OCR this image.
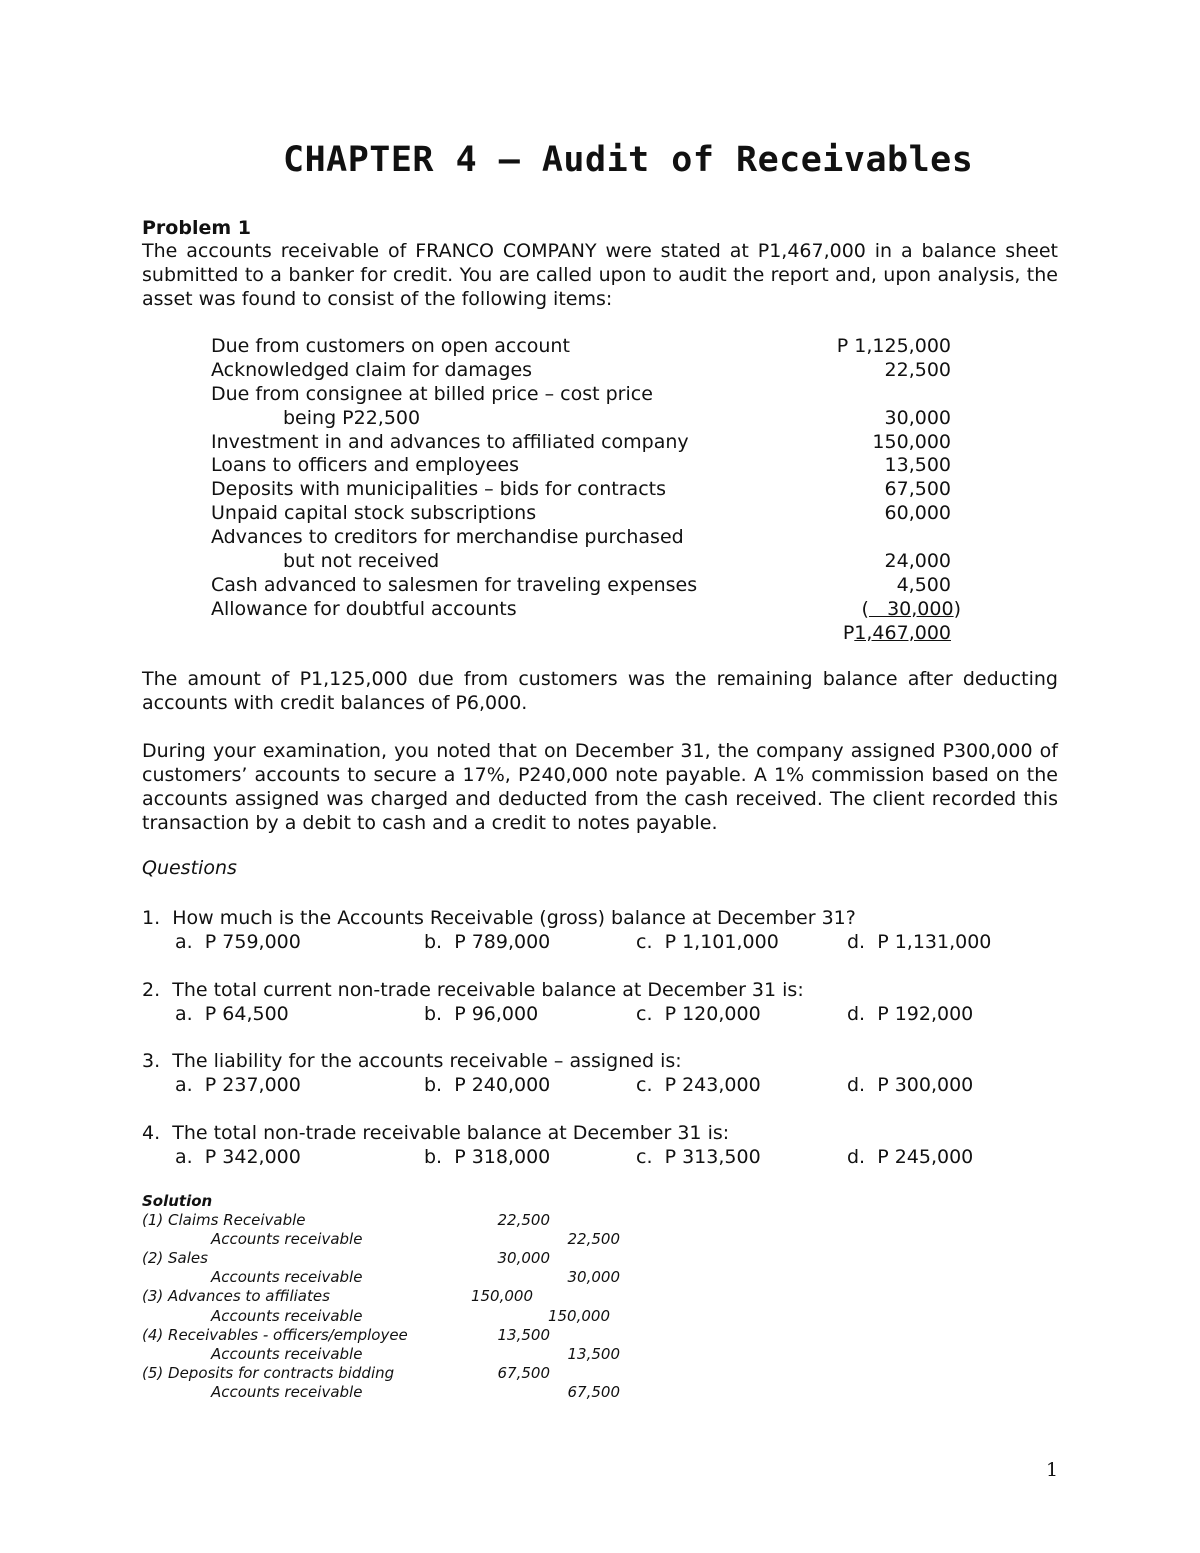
CHAPTER 4 – Audit of Receivables
Problem 1
The accounts receivable of FRANCO COMPANY were stated at P1,467,000 in a balance sheet submitted to a banker for credit. You are called upon to audit the report and, upon analysis, the asset was found to consist of the following items:
Due from customers on open account	P 1,125,000
Acknowledged claim for damages	22,500
Due from consignee at billed price – cost price
being P22,500	30,000
Investment in and advances to affiliated company	150,000
Loans to officers and employees	13,500
Deposits with municipalities – bids for contracts	67,500
Unpaid capital stock subscriptions	60,000
Advances to creditors for merchandise purchased
but not received	24,000
Cash advanced to salesmen for traveling expenses	4,500
Allowance for doubtful accounts	(   30,000)
P1,467,000
The amount of P1,125,000 due from customers was the remaining balance after deducting accounts with credit balances of P6,000.
During your examination, you noted that on December 31, the company assigned P300,000 of customers’ accounts to secure a 17%, P240,000 note payable. A 1% commission based on the accounts assigned was charged and deducted from the cash received. The client recorded this transaction by a debit to cash and a credit to notes payable.
Questions
1. How much is the Accounts Receivable (gross) balance at December 31?
a. P 759,000	b. P 789,000	c. P 1,101,000	d. P 1,131,000
2. The total current non-trade receivable balance at December 31 is:
a. P 64,500	b. P 96,000	c. P 120,000	d. P 192,000
3. The liability for the accounts receivable – assigned is:
a. P 237,000	b. P 240,000	c. P 243,000	d. P 300,000
4. The total non-trade receivable balance at December 31 is:
a. P 342,000	b. P 318,000	c. P 313,500	d. P 245,000
Solution
(1) Claims Receivable	22,500
Accounts receivable	22,500
(2) Sales	30,000
Accounts receivable	30,000
(3) Advances to affiliates	150,000
Accounts receivable	150,000
(4) Receivables - officers/employee	13,500
Accounts receivable	13,500
(5) Deposits for contracts bidding	67,500
Accounts receivable	67,500
1
